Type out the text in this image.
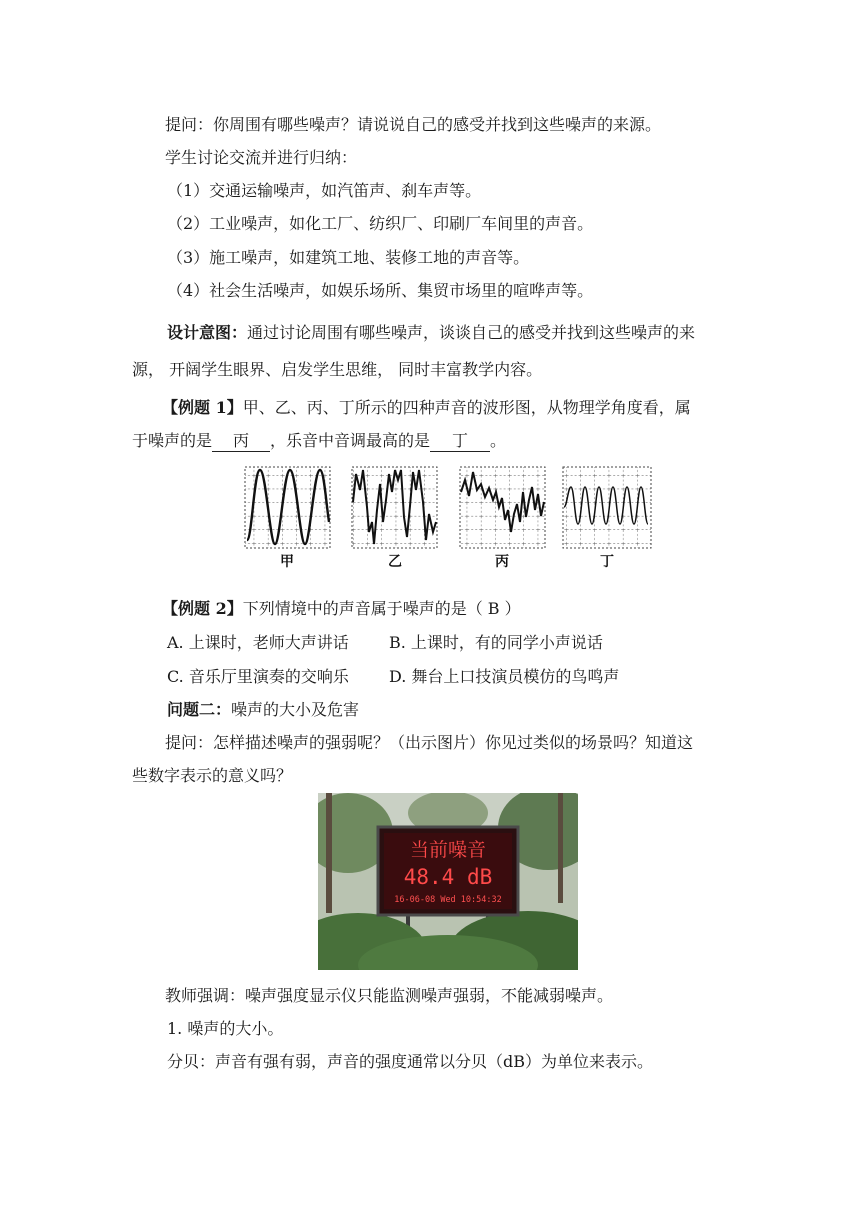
提问：你周围有哪些噪声？请说说自己的感受并找到这些噪声的来源。
学生讨论交流并进行归纳：
（1）交通运输噪声，如汽笛声、刹车声等。
（2）工业噪声，如化工厂、纺织厂、印刷厂车间里的声音。
（3）施工噪声，如建筑工地、装修工地的声音等。
（4）社会生活噪声，如娱乐场所、集贸市场里的喧哗声等。
设计意图：通过讨论周围有哪些噪声，谈谈自己的感受并找到这些噪声的来
源， 开阔学生眼界、启发学生思维， 同时丰富教学内容。
【例题 1】甲、乙、丙、丁所示的四种声音的波形图，从物理学角度看，属
于噪声的是 丙 ，乐音中音调最高的是 丁 。
甲	乙	丙	丁
【例题 2】下列情境中的声音属于噪声的是（ B ）
A. 上课时，老师大声讲话	B. 上课时，有的同学小声说话
C. 音乐厅里演奏的交响乐	D. 舞台上口技演员模仿的鸟鸣声
问题二：噪声的大小及危害
提问：怎样描述噪声的强弱呢？（出示图片）你见过类似的场景吗？知道这
些数字表示的意义吗？
当前噪音
48.4 dB
16-06-08 Wed 10:54:32
教师强调：噪声强度显示仪只能监测噪声强弱，不能减弱噪声。
1. 噪声的大小。
分贝：声音有强有弱，声音的强度通常以分贝（dB）为单位来表示。
